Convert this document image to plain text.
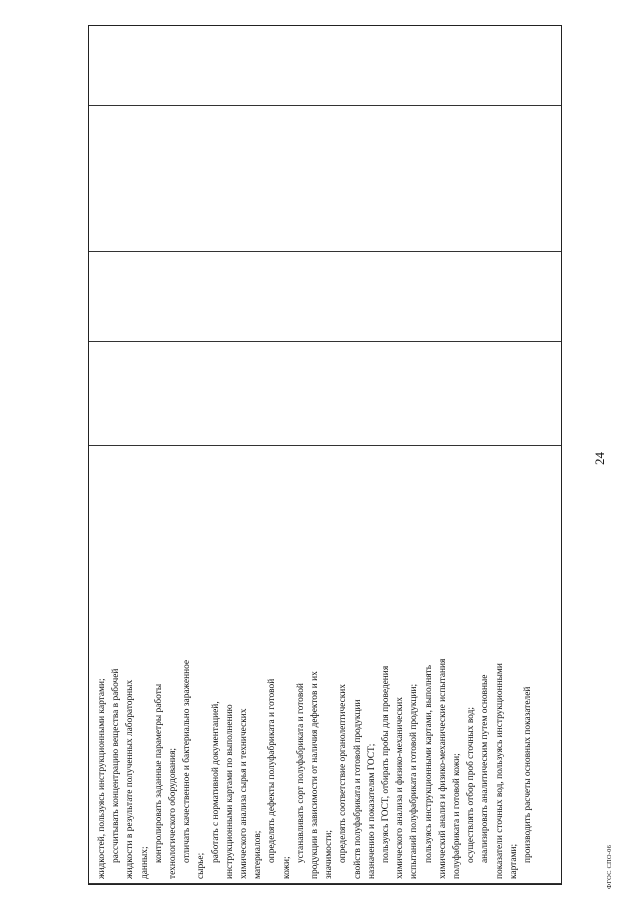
жидкостей, пользуясь инструкционными картами; рассчитывать концентрацию вещества в рабочей жидкости в результате полученных лабораторных данных; контролировать заданные параметры работы технологического оборудования; отличать качественное и бактериально зараженное
сырье;
работать с нормативной документацией, инструкционными картами по выполнению химического анализа сырья и технических материалов; определять дефекты полуфабриката и готовой
кожи;
устанавливать сорт полуфабриката и готовой продукции в зависимости от наличия дефектов и их значимости; определять соответствие органолептических свойств полуфабриката и готовой продукции назначению и показателям ГОСТ; пользуясь ГОСТ, отбирать пробы для проведения химического анализа и физико-механических испытаний полуфабриката и готовой продукции; пользуясь инструкционными картами, выполнять химический анализ и физико-механические испытания полуфабриката и готовой кожи; осуществлять отбор проб сточных вод; анализировать аналитическим путем основные показатели сточных вод, пользуясь инструкционными картами; производить расчеты основных показателей
24
ФГОС СПО-06
